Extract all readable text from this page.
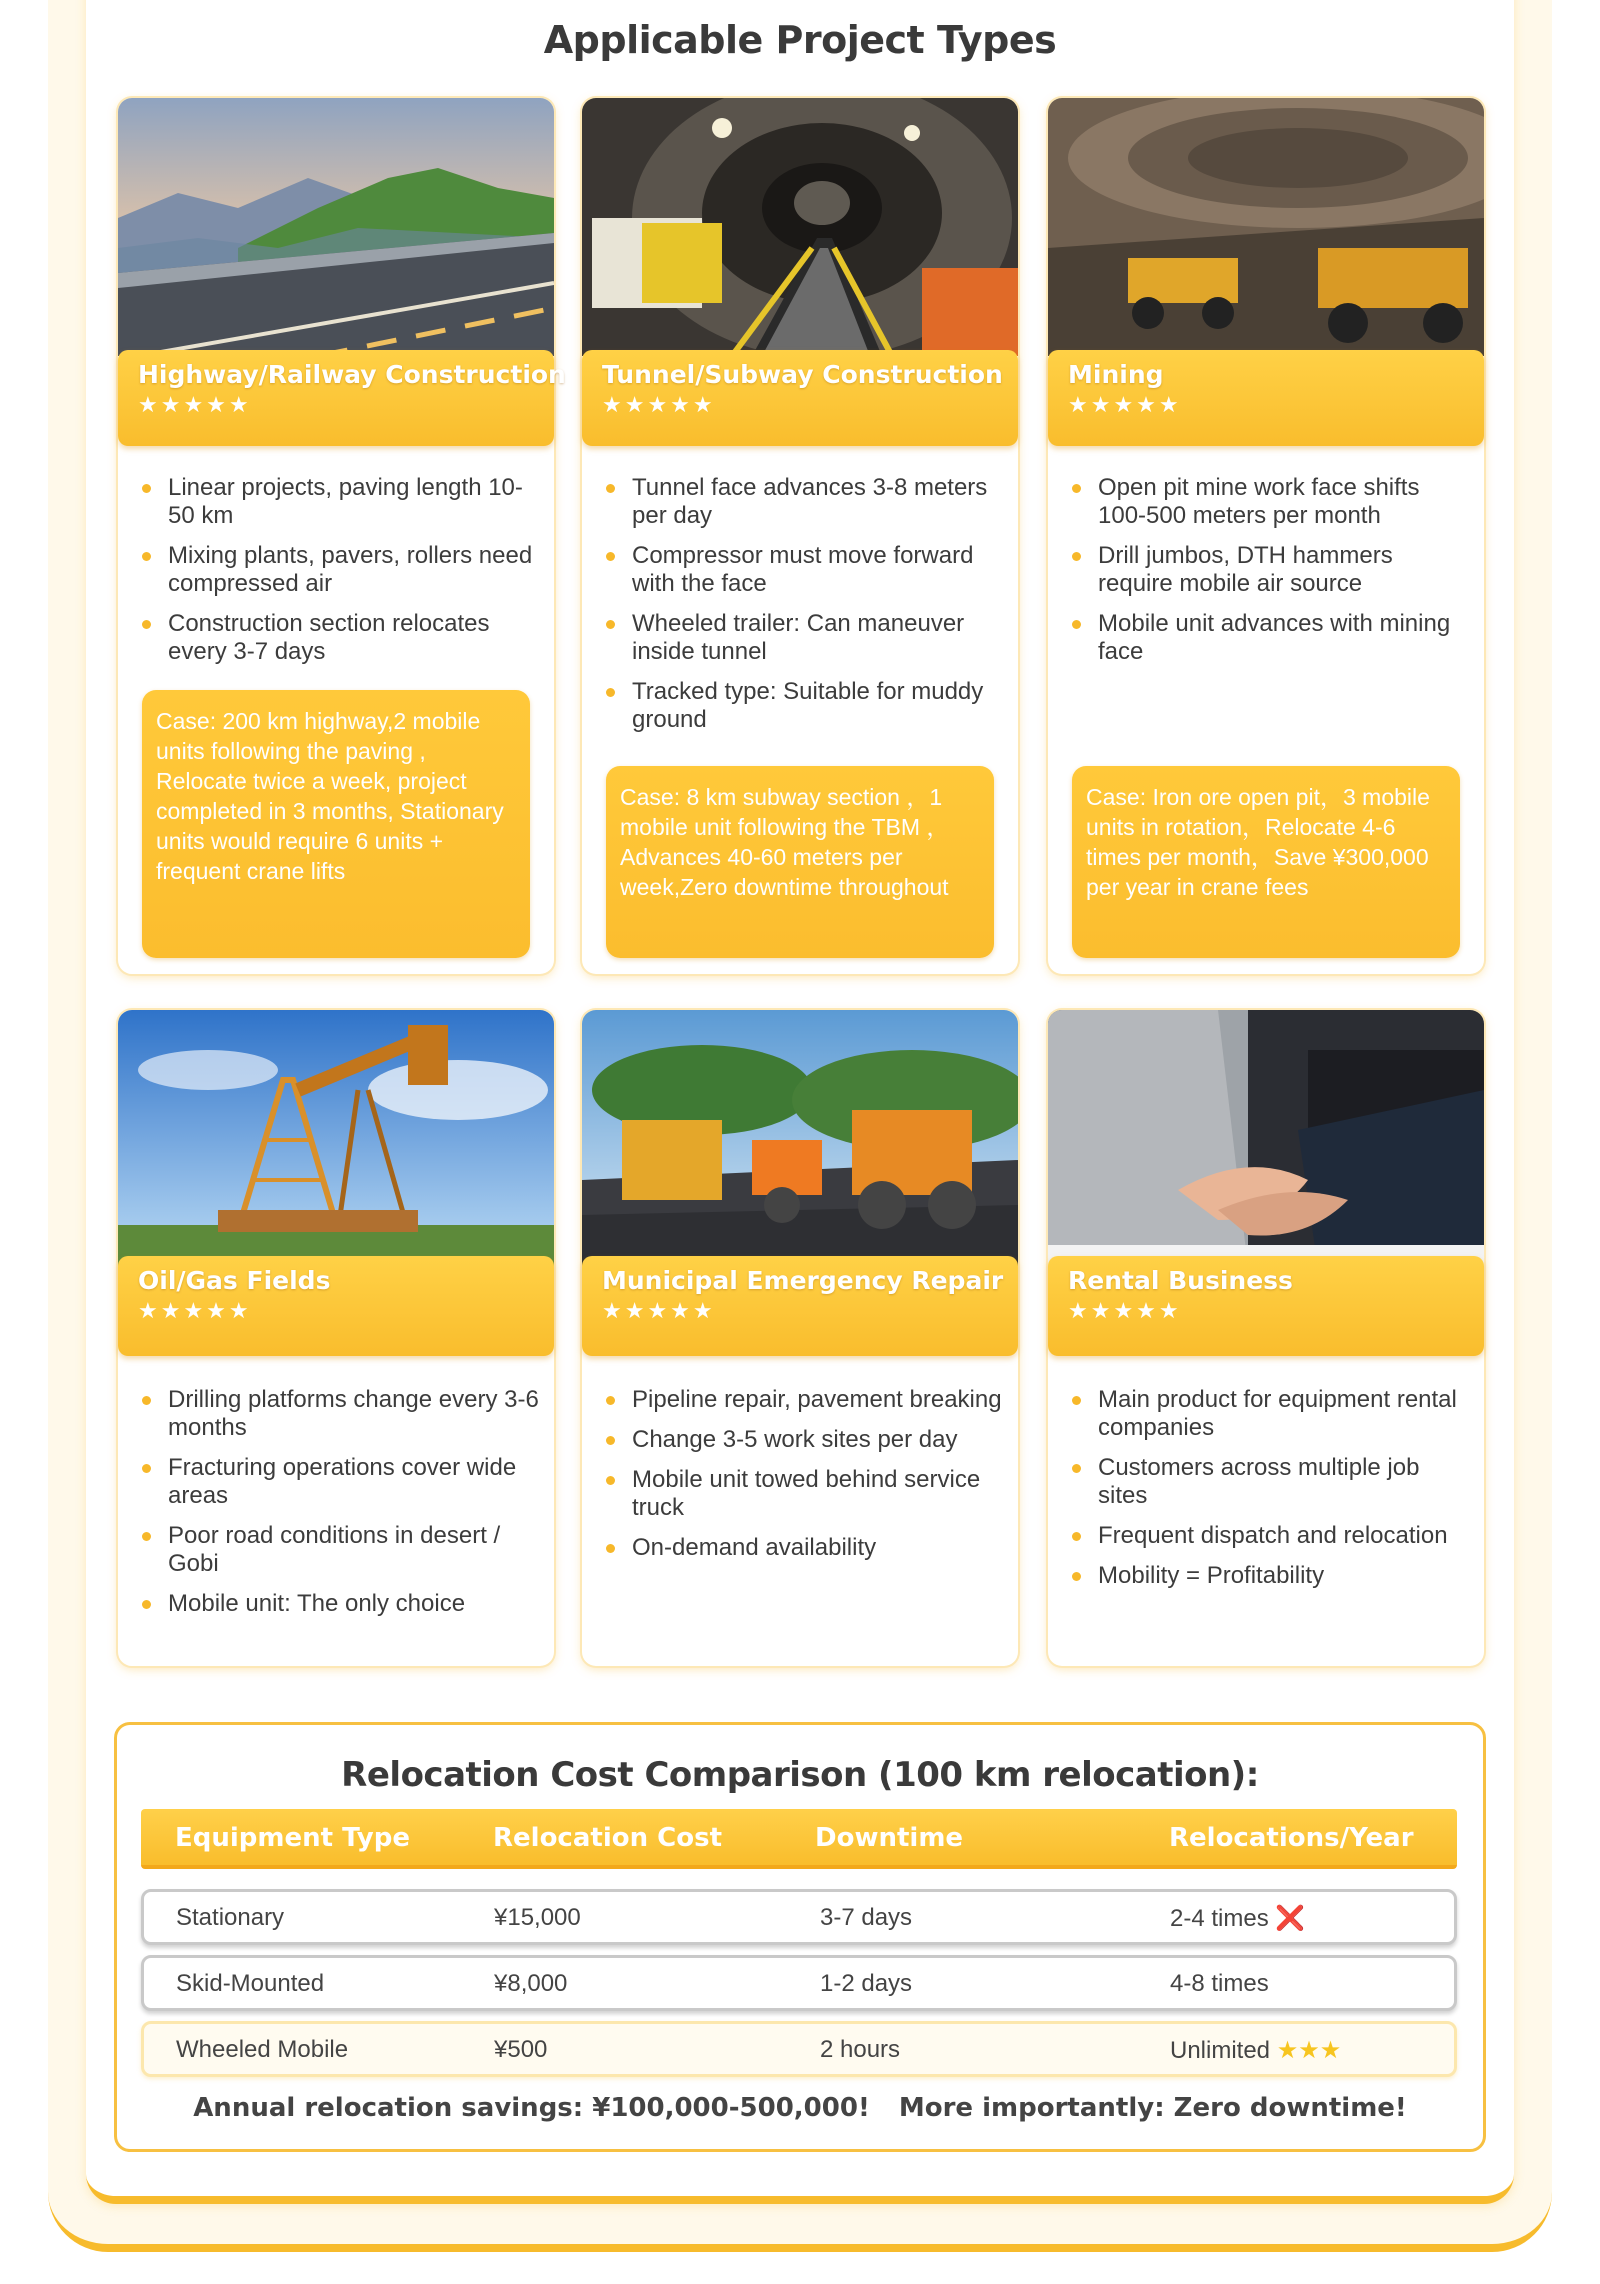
Applicable Project Types
Highway/Railway Construction
★★★★★
Linear projects, paving length 10-50 km
Mixing plants, pavers, rollers need compressed air
Construction section relocates every 3-7 days
Case: 200 km highway,2 mobile units following the paving , Relocate twice a week, project completed in 3 months, Stationary units would require 6 units + frequent crane lifts
Tunnel/Subway Construction
★★★★★
Tunnel face advances 3-8 meters per day
Compressor must move forward with the face
Wheeled trailer: Can maneuver inside tunnel
Tracked type: Suitable for muddy ground
Case: 8 km subway section ，1 mobile unit following the TBM ，Advances 40-60 meters per week,Zero downtime throughout
Mining
★★★★★
Open pit mine work face shifts 100-500 meters per month
Drill jumbos, DTH hammers require mobile air source
Mobile unit advances with mining face
Case: Iron ore open pit，3 mobile units in rotation，Relocate 4-6 times per month，Save ¥300,000 per year in crane fees
Oil/Gas Fields
★★★★★
Drilling platforms change every 3-6 months
Fracturing operations cover wide areas
Poor road conditions in desert / Gobi
Mobile unit: The only choice
Municipal Emergency Repair
★★★★★
Pipeline repair, pavement breaking
Change 3-5 work sites per day
Mobile unit towed behind service truck
On-demand availability
Rental Business
★★★★★
Main product for equipment rental companies
Customers across multiple job sites
Frequent dispatch and relocation
Mobility = Profitability
Relocation Cost Comparison (100 km relocation):
Equipment Type	Relocation Cost	Downtime	Relocations/Year
Stationary	¥15,000	3-7 days	2-4 times ❌
Skid-Mounted	¥8,000	1-2 days	4-8 times
Wheeled Mobile	¥500	2 hours	Unlimited ★★★
Annual relocation savings: ¥100,000-500,000! More importantly: Zero downtime!
